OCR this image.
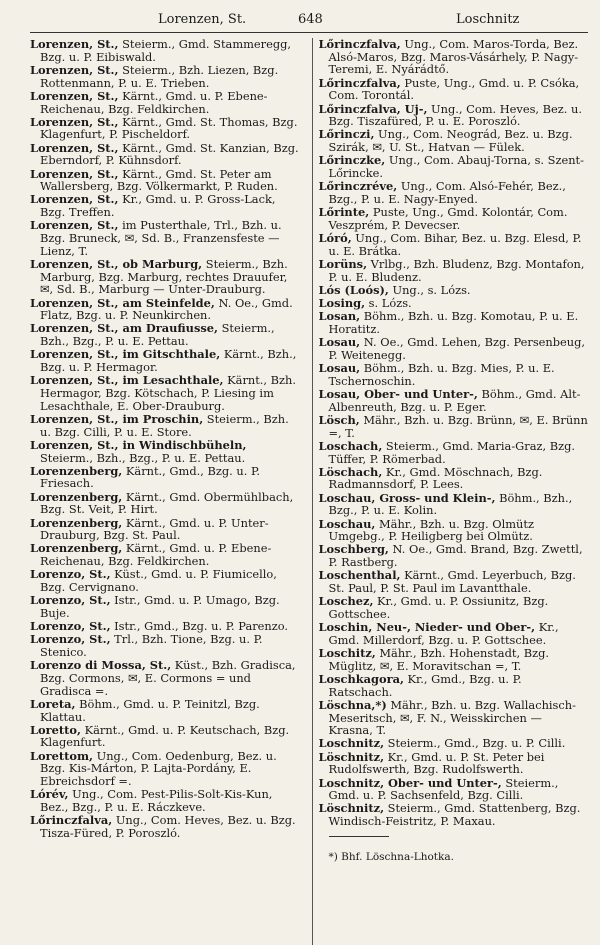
Lorenzen, St.	648	Loschnitz
Lorenzen, St., Steierm., Gmd. Stammeregg, Bzg. u. P. Eibiswald.
Lorenzen, St., Steierm., Bzh. Liezen, Bzg. Rottenmann, P. u. E. Trieben.
Lorenzen, St., Kärnt., Gmd. u. P. Ebene-Reichenau, Bzg. Feldkirchen.
Lorenzen, St., Kärnt., Gmd. St. Thomas, Bzg. Klagenfurt, P. Pischeldorf.
Lorenzen, St., Kärnt., Gmd. St. Kanzian, Bzg. Eberndorf, P. Kühnsdorf.
Lorenzen, St., Kärnt., Gmd. St. Peter am Wallersberg, Bzg. Völkermarkt, P. Ruden.
Lorenzen, St., Kr., Gmd. u. P. Gross-Lack, Bzg. Treffen.
Lorenzen, St., im Pusterthale, Trl., Bzh. u. Bzg. Bruneck, ✉, Sd. B., Franzensfeste — Lienz, T.
Lorenzen, St., ob Marburg, Steierm., Bzh. Marburg, Bzg. Marburg, rechtes Drauufer, ✉, Sd. B., Marburg — Unter-Drauburg.
Lorenzen, St., am Steinfelde, N. Oe., Gmd. Flatz, Bzg. u. P. Neunkirchen.
Lorenzen, St., am Draufiusse, Steierm., Bzh., Bzg., P. u. E. Pettau.
Lorenzen, St., im Gitschthale, Kärnt., Bzh., Bzg. u. P. Hermagor.
Lorenzen, St., im Lesachthale, Kärnt., Bzh. Hermagor, Bzg. Kötschach, P. Liesing im Lesachthale, E. Ober-Drauburg.
Lorenzen, St., im Proschin, Steierm., Bzh. u. Bzg. Cilli, P. u. E. Store.
Lorenzen, St., in Windischbüheln, Steierm., Bzh., Bzg., P. u. E. Pettau.
Lorenzenberg, Kärnt., Gmd., Bzg. u. P. Friesach.
Lorenzenberg, Kärnt., Gmd. Obermühlbach, Bzg. St. Veit, P. Hirt.
Lorenzenberg, Kärnt., Gmd. u. P. Unter-Drauburg, Bzg. St. Paul.
Lorenzenberg, Kärnt., Gmd. u. P. Ebene-Reichenau, Bzg. Feldkirchen.
Lorenzo, St., Küst., Gmd. u. P. Fiumicello, Bzg. Cervignano.
Lorenzo, St., Istr., Gmd. u. P. Umago, Bzg. Buje.
Lorenzo, St., Istr., Gmd., Bzg. u. P. Parenzo.
Lorenzo, St., Trl., Bzh. Tione, Bzg. u. P. Stenico.
Lorenzo di Mossa, St., Küst., Bzh. Gradisca, Bzg. Cormons, ✉, E. Cormons = und Gradisca =.
Loreta, Böhm., Gmd. u. P. Teinitzl, Bzg. Klattau.
Loretto, Kärnt., Gmd. u. P. Keutschach, Bzg. Klagenfurt.
Lorettom, Ung., Com. Oedenburg, Bez. u. Bzg. Kis-Márton, P. Lajta-Pordány, E. Ebreichsdorf =.
Lórév, Ung., Com. Pest-Pilis-Solt-Kis-Kun, Bez., Bzg., P. u. E. Ráczkeve.
Lőrinczfalva, Ung., Com. Heves, Bez. u. Bzg. Tisza-Füred, P. Poroszló.
Lőrinczfalva, Ung., Com. Maros-Torda, Bez. Alsó-Maros, Bzg. Maros-Vásárhely, P. Nagy-Teremi, E. Nyárádtő.
Lőrinczfalva, Puste, Ung., Gmd. u. P. Csóka, Com. Torontál.
Lőrinczfalva, Uj-, Ung., Com. Heves, Bez. u. Bzg. Tiszafüred, P. u. E. Poroszló.
Lőrinczi, Ung., Com. Neográd, Bez. u. Bzg. Szirák, ✉, U. St., Hatvan — Fülek.
Lőrinczke, Ung., Com. Abauj-Torna, s. Szent-Lőrincke.
Lőrinczréve, Ung., Com. Alsó-Fehér, Bez., Bzg., P. u. E. Nagy-Enyed.
Lőrinte, Puste, Ung., Gmd. Kolontár, Com. Veszprém, P. Devecser.
Lóró, Ung., Com. Bihar, Bez. u. Bzg. Elesd, P. u. E. Brátka.
Lorüns, Vrlbg., Bzh. Bludenz, Bzg. Montafon, P. u. E. Bludenz.
Lós (Loós), Ung., s. Lózs.
Losing, s. Lózs.
Losan, Böhm., Bzh. u. Bzg. Komotau, P. u. E. Horatitz.
Losau, N. Oe., Gmd. Lehen, Bzg. Persenbeug, P. Weitenegg.
Losau, Böhm., Bzh. u. Bzg. Mies, P. u. E. Tschernoschin.
Losau, Ober- und Unter-, Böhm., Gmd. Alt-Albenreuth, Bzg. u. P. Eger.
Lösch, Mähr., Bzh. u. Bzg. Brünn, ✉, E. Brünn =, T.
Loschach, Steierm., Gmd. Maria-Graz, Bzg. Tüffer, P. Römerbad.
Löschach, Kr., Gmd. Möschnach, Bzg. Radmannsdorf, P. Lees.
Loschau, Gross- und Klein-, Böhm., Bzh., Bzg., P. u. E. Kolin.
Loschau, Mähr., Bzh. u. Bzg. Olmütz Umgebg., P. Heiligberg bei Olmütz.
Loschberg, N. Oe., Gmd. Brand, Bzg. Zwettl, P. Rastberg.
Loschenthal, Kärnt., Gmd. Leyerbuch, Bzg. St. Paul, P. St. Paul im Lavantthale.
Loschez, Kr., Gmd. u. P. Ossiunitz, Bzg. Gottschee.
Loschin, Neu-, Nieder- und Ober-, Kr., Gmd. Millerdorf, Bzg. u. P. Gottschee.
Loschitz, Mähr., Bzh. Hohenstadt, Bzg. Müglitz, ✉, E. Moravitschan =, T.
Loschkagora, Kr., Gmd., Bzg. u. P. Ratschach.
Löschna,*) Mähr., Bzh. u. Bzg. Wallachisch-Meseritsch, ✉, F. N., Weisskirchen — Krasna, T.
Loschnitz, Steierm., Gmd., Bzg. u. P. Cilli.
Löschnitz, Kr., Gmd. u. P. St. Peter bei Rudolfswerth, Bzg. Rudolfswerth.
Loschnitz, Ober- und Unter-, Steierm., Gmd. u. P. Sachsenfeld, Bzg. Cilli.
Löschnitz, Steierm., Gmd. Stattenberg, Bzg. Windisch-Feistritz, P. Maxau.
*) Bhf. Löschna-Lhotka.
